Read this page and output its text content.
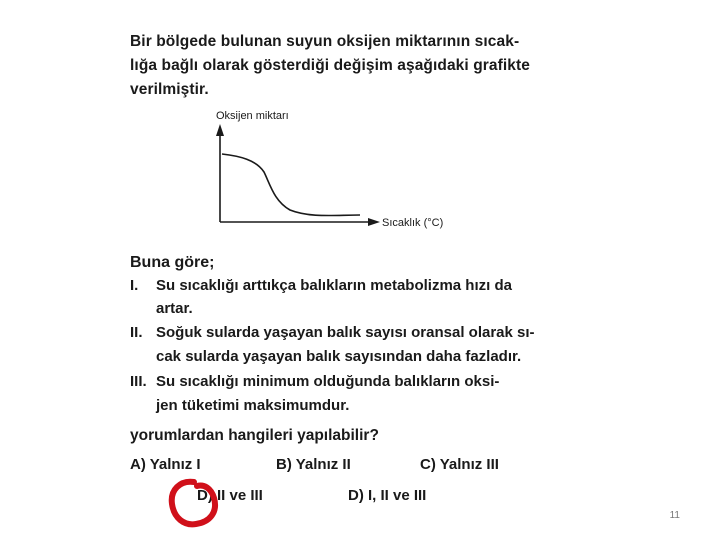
Bir bölgede bulunan suyun oksijen miktarının sıcak-
lığa bağlı olarak gösterdiği değişim aşağıdaki grafikte
verilmiştir.
Oksijen miktarı
Sıcaklık (°C)
Buna göre;
I. Su sıcaklığı arttıkça balıkların metabolizma hızı da
artar.
II. Soğuk sularda yaşayan balık sayısı oransal olarak sı-
cak sularda yaşayan balık sayısından daha fazladır.
III. Su sıcaklığı minimum olduğunda balıkların oksi-
jen tüketimi maksimumdur.
yorumlardan hangileri yapılabilir?
A) Yalnız I	B) Yalnız II	C) Yalnız III
D) II ve III	D) I, II ve III
11
